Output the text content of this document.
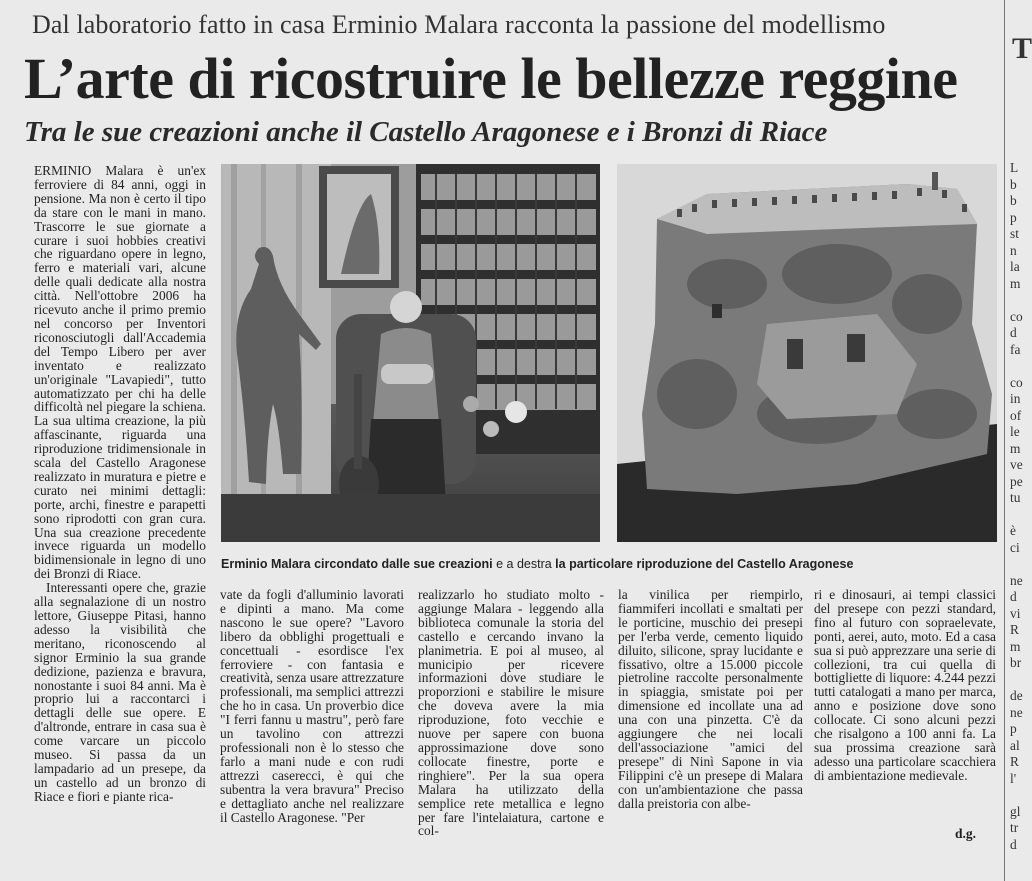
Dal laboratorio fatto in casa Erminio Malara racconta la passione del modellismo
L’arte di ricostruire le bellezze reggine
Tra le sue creazioni anche il Castello Aragonese e i Bronzi di Riace

ERMINIO Malara è un'ex ferroviere di 84 anni, oggi in pensione. Ma non è certo il tipo da stare con le mani in mano. Trascorre le sue giornate a curare i suoi hobbies creativi che riguardano opere in legno, ferro e materiali vari, alcune delle quali dedicate alla nostra città. Nell'ottobre 2006 ha ricevuto anche il primo premio nel concorso per Inventori riconosciutogli dall'Accademia del Tempo Libero per aver inventato e realizzato un'originale "Lavapiedi", tutto automatizzato per chi ha delle difficoltà nel piegare la schiena. La sua ultima creazione, la più affascinante, riguarda una riproduzione tridimensionale in scala del Castello Aragonese realizzato in muratura e pietre e curato nei minimi dettagli: porte, archi, finestre e parapetti sono riprodotti con gran cura. Una sua creazione precedente invece riguarda un modello bidimensionale in legno di uno dei Bronzi di Riace.

Interessanti opere che, grazie alla segnalazione di un nostro lettore, Giuseppe Pitasi, hanno adesso la visibilità che meritano, riconoscendo al signor Erminio la sua grande dedizione, pazienza e bravura, nonostante i suoi 84 anni. Ma è proprio lui a raccontarci i dettagli delle sue opere. E d'altronde, entrare in casa sua è come varcare un piccolo museo. Si passa da un lampadario ad un presepe, da un castello ad un bronzo di Riace e fiori e piante rica-

Erminio Malara circondato dalle sue creazioni e a destra la particolare riproduzione del Castello Aragonese

vate da fogli d'alluminio lavorati e dipinti a mano. Ma come nascono le sue opere? "Lavoro libero da obblighi progettuali e concettuali - esordisce l'ex ferroviere - con fantasia e creatività, senza usare attrezzature professionali, ma semplici attrezzi che ho in casa. Un proverbio dice "I ferri fannu u mastru", però fare un tavolino con attrezzi professionali non è lo stesso che farlo a mani nude e con rudi attrezzi casereccі, è qui che subentra la vera bravura" Preciso e dettagliato anche nel realizzare il Castello Aragonese. "Per

realizzarlo ho studiato molto - aggiunge Malara - leggendo alla biblioteca comunale la storia del castello e cercando invano la planimetria. E poi al museo, al municipio per ricevere informazioni dove studiare le proporzioni e stabilire le misure che doveva avere la mia riproduzione, foto vecchie e nuove per sapere con buona approssimazione dove sono collocate finestre, porte e ringhiere". Per la sua opera Malara ha utilizzato della semplice rete metallica e legno per fare l'intelaiatura, cartone e col-

la vinilica per riempirlo, fiammiferi incollati e smaltati per le porticine, muschio dei presepi per l'erba verde, cemento liquido diluito, silicone, spray lucidante e fissativo, oltre a 15.000 piccole pietroline raccolte personalmente in spiaggia, smistate poi per dimensione ed incollate una ad una con una pinzetta. C'è da aggiungere che nei locali dell'associazione "amici del presepe" di Ninì Sapone in via Filippini c'è un presepe di Malara con un'ambientazione che passa dalla preistoria con albe-

ri e dinosauri, ai tempi classici del presepe con pezzi standard, fino al futuro con sopraelevate, ponti, aerei, auto, moto. Ed a casa sua si può apprezzare una serie di collezioni, tra cui quella di bottigliette di liquore: 4.244 pezzi tutti catalogati a mano per marca, anno e posizione dove sono collocate. Ci sono alcuni pezzi che risalgono a 100 anni fa. La sua prossima creazione sarà adesso una particolare scacchiera di ambientazione medievale.

d.g.
T
L
b
b
p
st
n
la
m
co
d
fa
co
in
of
le
m
ve
pe
tu
è
ci
ne
d
vi
R
m
br
de
ne
p
al
R
l'
gl
tr
d
